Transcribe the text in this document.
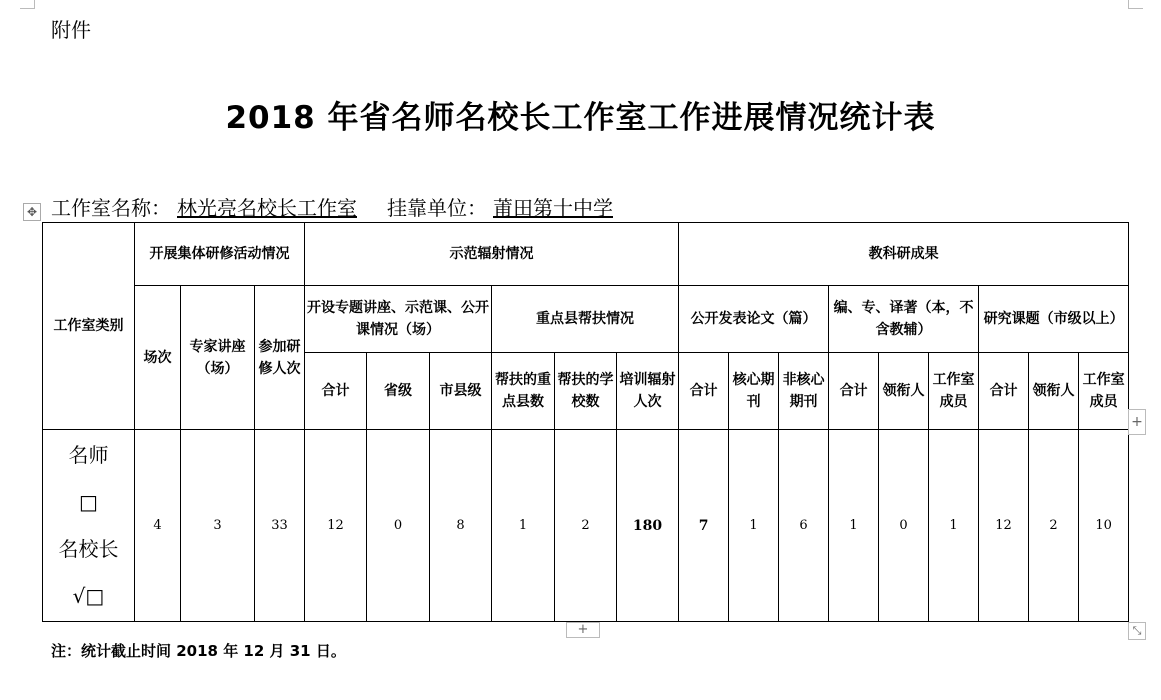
附件
2018 年省名师名校长工作室工作进展情况统计表
工作室名称： 林光亮名校长工作室 挂靠单位： 莆田第十中学
✥
工作室类别	开展集体研修活动情况			示范辐射情况						教科研成果								
	场次	专家讲座（场）	参加研修人次	开设专题讲座、示范课、公开课情况（场）			重点县帮扶情况			公开发表论文（篇）			编、专、译著（本，不含教辅）			研究课题（市级以上）		
				合计	省级	市县级	帮扶的重点县数	帮扶的学校数	培训辐射人次	合计	核心期刊	非核心期刊	合计	领衔人	工作室成员	合计	领衔人	工作室成员

名师
□
名校长
√□	4	3	33	12	0	8	1	2	180	7	1	6	1	0	1	12	2	10
+
+	⤡
注：统计截止时间 2018 年 12 月 31 日。
